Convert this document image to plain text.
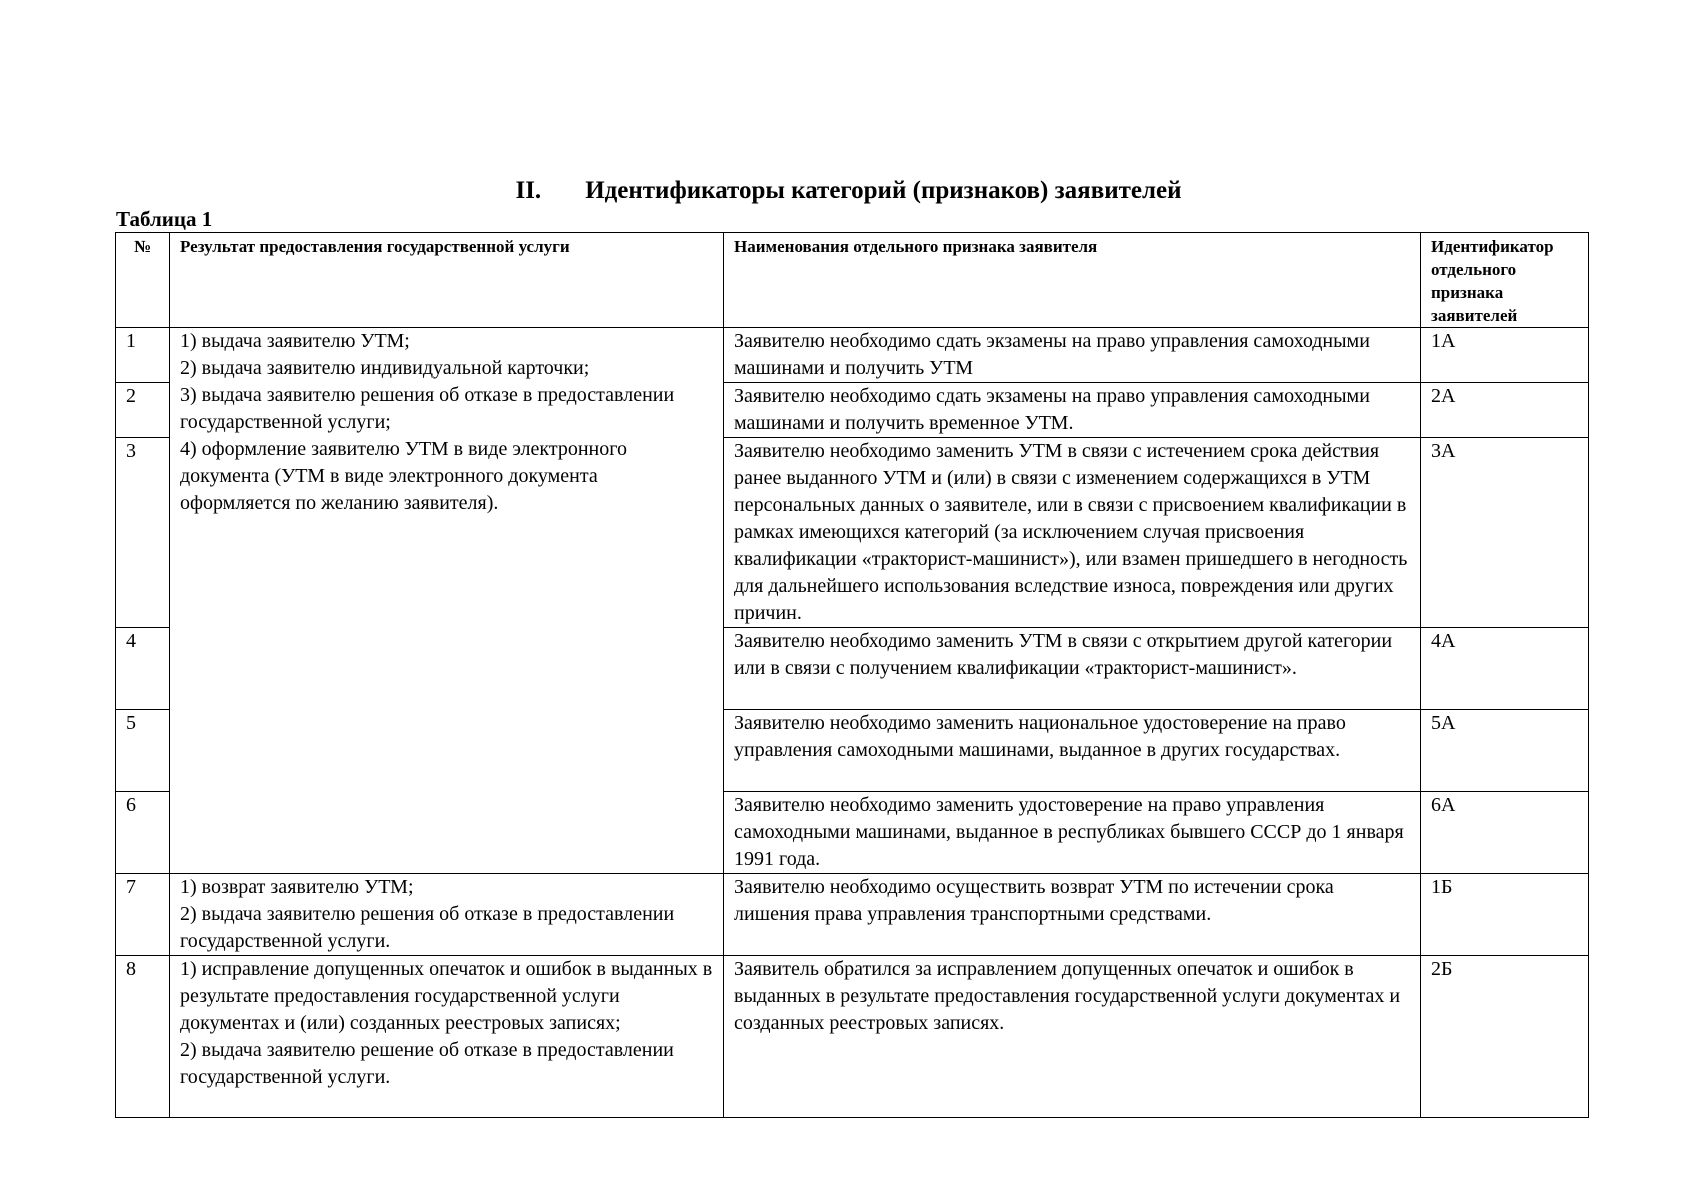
II. Идентификаторы категорий (признаков) заявителей
Таблица 1
№	Результат предоставления государственной услуги	Наименования отдельного признака заявителя	Идентификатор отдельного признака заявителей
1	1) выдача заявителю УТМ;
2) выдача заявителю индивидуальной карточки;
3) выдача заявителю решения об отказе в предоставлении государственной услуги;
4) оформление заявителю УТМ в виде электронного документа (УТМ в виде электронного документа оформляется по желанию заявителя).	Заявителю необходимо сдать экзамены на право управления самоходными машинами и получить УТМ	1А
2		Заявителю необходимо сдать экзамены на право управления самоходными машинами и получить временное УТМ.	2А
3		Заявителю необходимо заменить УТМ в связи с истечением срока действия ранее выданного УТМ и (или) в связи с изменением содержащихся в УТМ персональных данных о заявителе, или в связи с присвоением квалификации в рамках имеющихся категорий (за исключением случая присвоения квалификации «тракторист-машинист»), или взамен пришедшего в негодность для дальнейшего использования вследствие износа, повреждения или других причин.	3А
4		Заявителю необходимо заменить УТМ в связи с открытием другой категории или в связи с получением квалификации «тракторист-машинист».	4А
5		Заявителю необходимо заменить национальное удостоверение на право управления самоходными машинами, выданное в других государствах.	5А
6		Заявителю необходимо заменить удостоверение на право управления самоходными машинами, выданное в республиках бывшего СССР до 1 января 1991 года.	6А
7	1) возврат заявителю УТМ;
2) выдача заявителю решения об отказе в предоставлении государственной услуги.	Заявителю необходимо осуществить возврат УТМ по истечении срока лишения права управления транспортными средствами.	1Б
8	1) исправление допущенных опечаток и ошибок в выданных в результате предоставления государственной услуги документах и (или) созданных реестровых записях;
2) выдача заявителю решение об отказе в предоставлении государственной услуги.	Заявитель обратился за исправлением допущенных опечаток и ошибок в выданных в результате предоставления государственной услуги документах и созданных реестровых записях.	2Б
